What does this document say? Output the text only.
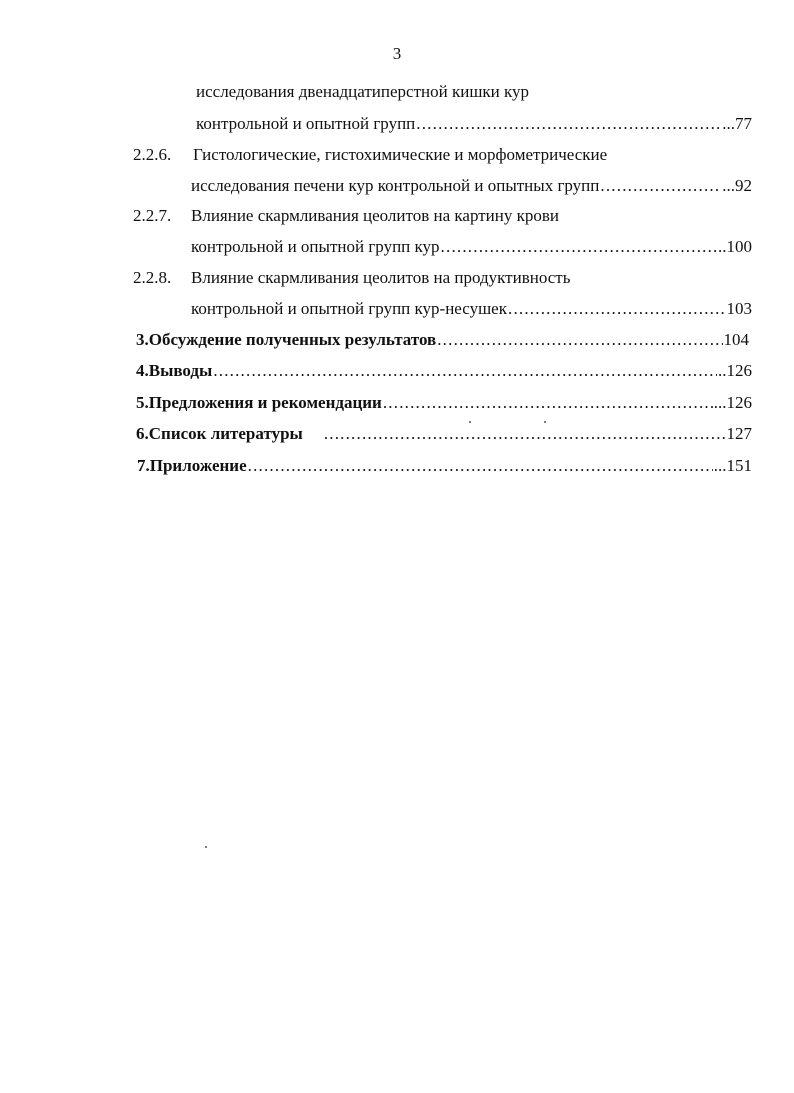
3
исследования двенадцатиперстной кишки кур
контрольной и опытной групп .....	...77
2.2.6.	Гистологические, гистохимические и морфометрические
исследования печени кур контрольной и опытных групп .....	...92
2.2.7.	Влияние скармливания цеолитов на картину крови
контрольной и опытной групп кур .....	..100
2.2.8.	Влияние скармливания цеолитов на продуктивность
контрольной и опытной групп кур-несушек .....	103
3. Обсуждение полученных результатов .....	104
4. Выводы .....	..126
5. Предложения и рекомендации .....	...126
6. Список литературы .....	127
7. Приложение .....	...151
